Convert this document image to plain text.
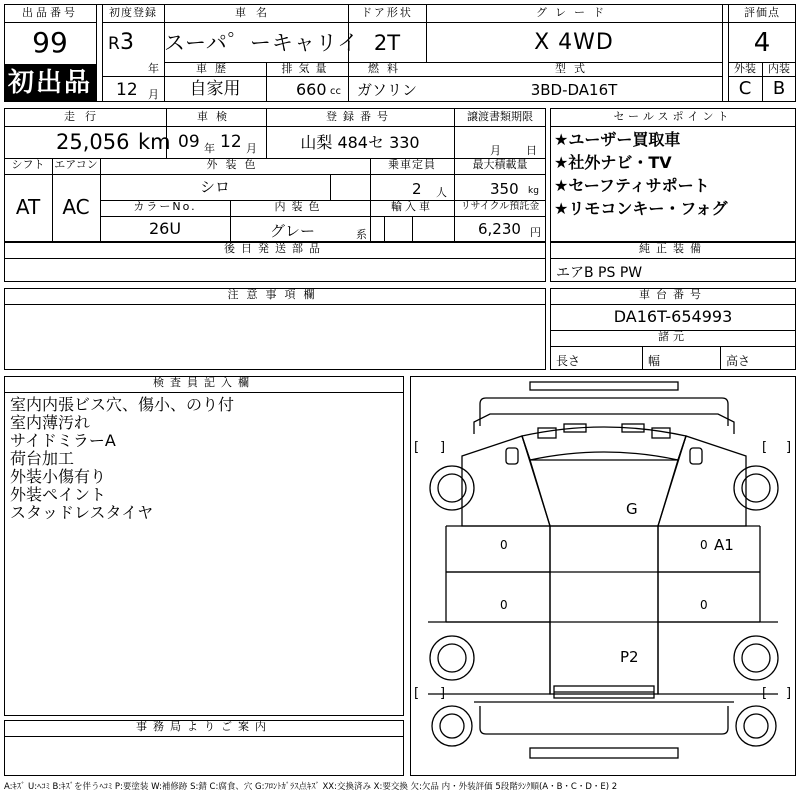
出品番号
99
初出品
初度登録
R 3
年
12 月
車名
スーパ゜ーキャリイ
ドア形状
2T
グレード
X 4WD
評価点
4
外装	内装
C	B
車歴
自家用
排気量
660 cc
燃料
ガソリン
型式
3BD-DA16T
走行
25,056 km
車検
09 年 12 月
登録番号
山梨 484セ 330
譲渡書類期限
月 日
シフト エアコン
AT	AC
外装色
シロ
乗車定員
2 人
最大積載量
350 kg
カラーNo.	内装色	輸入車	リサイクル預託金
26U	グレー	系	6,230 円
後日発送部品
セールスポイント
★ユーザー買取車
★社外ナビ・TV
★セーフティサポート
★リモコンキー・フォグ
純正装備
エアB PS PW
注意事項欄	車台番号
DA16T-654993
諸元
長さ	幅	高さ
検査員記入欄
室内内張ビス穴、傷小、のり付
室内薄汚れ
サイドミラーA
荷台加工
外装小傷有り
外装ペイント
スタッドレスタイヤ
事務局よりご案内
G
A1
P2
[ ]	[ ]
[ ]	[ ]
0	0
0	0
A:ｷｽﾞ U:ﾍｺﾐ B:ｷｽﾞを伴うﾍｺﾐ P:要塗装 W:補修跡 S:錆 C:腐食、穴 G:ﾌﾛﾝﾄｶﾞﾗｽ点ｷｽﾞ XX:交換済み X:要交換 欠:欠品 内・外装評価 5段階ﾗﾝｸ順(A・B・C・D・E) 2
